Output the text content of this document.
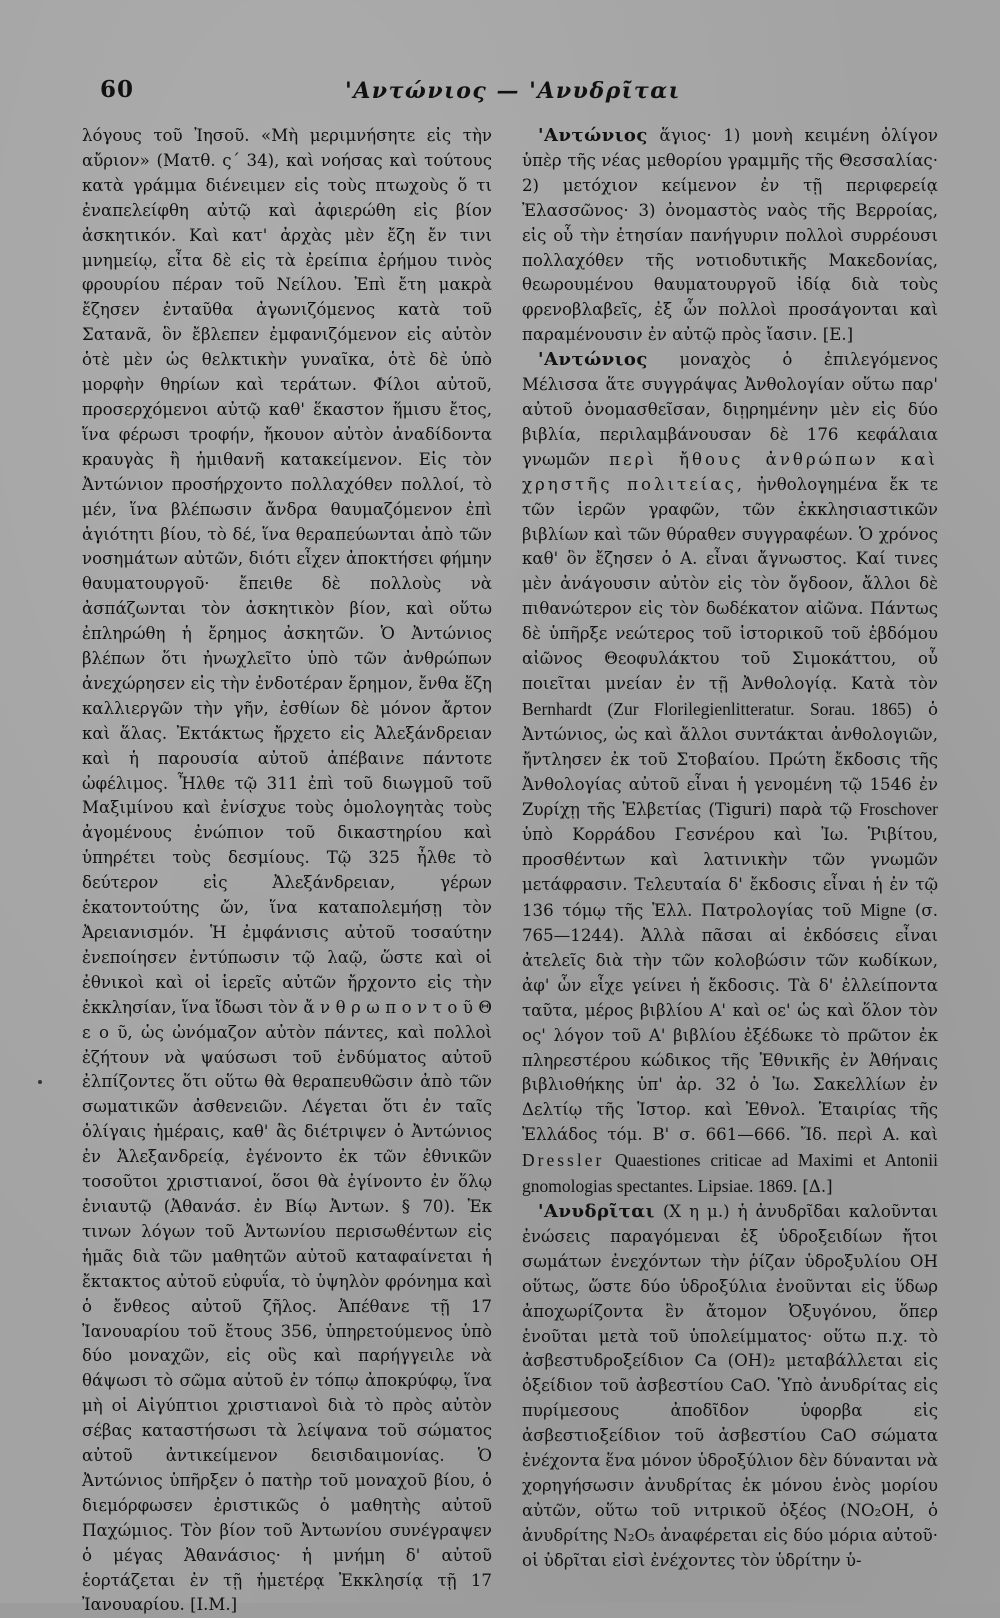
60	'Αντώνιος — 'Ανυδρῖται

λόγους τοῦ Ἰησοῦ. «Μὴ μεριμνήσητε εἰς τὴν αὔριον» (Ματθ. ς΄ 34), καὶ νοήσας καὶ τούτους κατὰ γράμμα διένειμεν εἰς τοὺς πτωχοὺς ὅ τι ἐναπελείφθη αὐτῷ καὶ ἀφιερώθη εἰς βίον ἀσκητικόν. Καὶ κατ' ἀρχὰς μὲν ἔζη ἔν τινι μνημείῳ, εἶτα δὲ εἰς τὰ ἐρείπια ἐρήμου τινὸς φρουρίου πέραν τοῦ Νείλου. Ἐπὶ ἔτη μακρὰ ἔζησεν ἐνταῦθα ἀγωνιζόμενος κατὰ τοῦ Σατανᾶ, ὃν ἔβλεπεν ἐμφανιζόμενον εἰς αὐτὸν ὁτὲ μὲν ὡς θελκτικὴν γυναῖκα, ὁτὲ δὲ ὑπὸ μορφὴν θηρίων καὶ τεράτων. Φίλοι αὐτοῦ, προσερχόμενοι αὐτῷ καθ' ἕκαστον ἥμισυ ἔτος, ἵνα φέρωσι τροφήν, ἤκουον αὐτὸν ἀναδίδοντα κραυγὰς ἢ ἡμιθανῆ κατακείμενον. Εἰς τὸν Ἀντώνιον προσήρχοντο πολλαχόθεν πολλοί, τὸ μέν, ἵνα βλέπωσιν ἄνδρα θαυμαζόμενον ἐπὶ ἁγιότητι βίου, τὸ δέ, ἵνα θεραπεύωνται ἀπὸ τῶν νοσημάτων αὐτῶν, διότι εἶχεν ἀποκτήσει φήμην θαυματουργοῦ· ἔπειθε δὲ πολλοὺς νὰ ἀσπάζωνται τὸν ἀσκητικὸν βίον, καὶ οὕτω ἐπληρώθη ἡ ἔρημος ἀσκητῶν. Ὁ Ἀντώνιος βλέπων ὅτι ἠνωχλεῖτο ὑπὸ τῶν ἀνθρώπων ἀνεχώρησεν εἰς τὴν ἐνδοτέραν ἔρημον, ἔνθα ἔζη καλλιεργῶν τὴν γῆν, ἐσθίων δὲ μόνον ἄρτον καὶ ἅλας. Ἐκτάκτως ἤρχετο εἰς Ἀλεξάνδρειαν καὶ ἡ παρουσία αὐτοῦ ἀπέβαινε πάντοτε ὠφέλιμος. Ἦλθε τῷ 311 ἐπὶ τοῦ διωγμοῦ τοῦ Μαξιμίνου καὶ ἐνίσχυε τοὺς ὁμολογητὰς τοὺς ἀγομένους ἐνώπιον τοῦ δικαστηρίου καὶ ὑπηρέτει τοὺς δεσμίους. Τῷ 325 ἦλθε τὸ δεύτερον εἰς Ἀλεξάνδρειαν, γέρων ἑκατοντούτης ὤν, ἵνα καταπολεμήσῃ τὸν Ἀρειανισμόν. Ἡ ἐμφάνισις αὐτοῦ τοσαύτην ἐνεποίησεν ἐντύπωσιν τῷ λαῷ, ὥστε καὶ οἱ ἐθνικοὶ καὶ οἱ ἱερεῖς αὐτῶν ἤρχοντο εἰς τὴν ἐκκλησίαν, ἵνα ἴδωσι τὸν ἄ ν θ ρ ω π ο ν τ ο ῦ Θ ε ο ῦ, ὡς ὠνόμαζον αὐτὸν πάντες, καὶ πολλοὶ ἐζήτουν νὰ ψαύσωσι τοῦ ἐνδύματος αὐτοῦ ἐλπίζοντες ὅτι οὕτω θὰ θεραπευθῶσιν ἀπὸ τῶν σωματικῶν ἀσθενειῶν. Λέγεται ὅτι ἐν ταῖς ὀλίγαις ἡμέραις, καθ' ἃς διέτριψεν ὁ Ἀντώνιος ἐν Ἀλεξανδρείᾳ, ἐγένοντο ἐκ τῶν ἐθνικῶν τοσοῦτοι χριστιανοί, ὅσοι θὰ ἐγίνοντο ἐν ὅλῳ ἐνιαυτῷ (Ἀθανάσ. ἐν Βίῳ Ἀντων. § 70). Ἐκ τινων λόγων τοῦ Ἀντωνίου περισωθέντων εἰς ἡμᾶς διὰ τῶν μαθητῶν αὐτοῦ καταφαίνεται ἡ ἔκτακτος αὐτοῦ εὐφυΐα, τὸ ὑψηλὸν φρόνημα καὶ ὁ ἔνθεος αὐτοῦ ζῆλος. Ἀπέθανε τῇ 17 Ἰανουαρίου τοῦ ἔτους 356, ὑπηρετούμενος ὑπὸ δύο μοναχῶν, εἰς οὓς καὶ παρήγγειλε νὰ θάψωσι τὸ σῶμα αὐτοῦ ἐν τόπῳ ἀποκρύφῳ, ἵνα μὴ οἱ Αἰγύπτιοι χριστιανοὶ διὰ τὸ πρὸς αὐτὸν σέβας καταστήσωσι τὰ λείψανα τοῦ σώματος αὐτοῦ ἀντικείμενον δεισιδαιμονίας. Ὁ Ἀντώνιος ὑπῆρξεν ὁ πατὴρ τοῦ μοναχοῦ βίου, ὁ διεμόρφωσεν ἐριστικῶς ὁ μαθητὴς αὐτοῦ Παχώμιος. Τὸν βίον τοῦ Ἀντωνίου συνέγραψεν ὁ μέγας Ἀθανάσιος· ἡ μνήμη δ' αὐτοῦ ἑορτάζεται ἐν τῇ ἡμετέρᾳ Ἐκκλησίᾳ τῇ 17 Ἰανουαρίου. [Ι.Μ.]

'Αντώνιος ἅγιος· 1) μονὴ κειμένη ὀλίγον ὑπὲρ τῆς νέας μεθορίου γραμμῆς τῆς Θεσσαλίας· 2) μετόχιον κείμενον ἐν τῇ περιφερείᾳ Ἐλασσῶνος· 3) ὀνομαστὸς ναὸς τῆς Βερροίας, εἰς οὗ τὴν ἐτησίαν πανήγυριν πολλοὶ συρρέουσι πολλαχόθεν τῆς νοτιοδυτικῆς Μακεδονίας, θεωρουμένου θαυματουργοῦ ἰδίᾳ διὰ τοὺς φρενοβλαβεῖς, ἐξ ὧν πολλοὶ προσάγονται καὶ παραμένουσιν ἐν αὐτῷ πρὸς ἴασιν. [Ε.]

'Αντώνιος μοναχὸς ὁ ἐπιλεγόμενος Μέλισσα ἅτε συγγράψας Ἀνθολογίαν οὕτω παρ' αὐτοῦ ὀνομασθεῖσαν, διῃρημένην μὲν εἰς δύο βιβλία, περιλαμβάνουσαν δὲ 176 κεφάλαια γνωμῶν περὶ ἤθους ἀνθρώπων καὶ χρηστῆς πολιτείας, ἠνθολογημένα ἔκ τε τῶν ἱερῶν γραφῶν, τῶν ἐκκλησιαστικῶν βιβλίων καὶ τῶν θύραθεν συγγραφέων. Ὁ χρόνος καθ' ὃν ἔζησεν ὁ Α. εἶναι ἄγνωστος. Καί τινες μὲν ἀνάγουσιν αὐτὸν εἰς τὸν ὄγδοον, ἄλλοι δὲ πιθανώτερον εἰς τὸν δωδέκατον αἰῶνα. Πάντως δὲ ὑπῆρξε νεώτερος τοῦ ἱστορικοῦ τοῦ ἑβδόμου αἰῶνος Θεοφυλάκτου τοῦ Σιμοκάττου, οὗ ποιεῖται μνείαν ἐν τῇ Ἀνθολογίᾳ. Κατὰ τὸν Bernhardt (Zur Florilegienlitteratur. Sorau. 1865) ὁ Ἀντώνιος, ὡς καὶ ἄλλοι συντάκται ἀνθολογιῶν, ἤντλησεν ἐκ τοῦ Στοβαίου. Πρώτη ἔκδοσις τῆς Ἀνθολογίας αὐτοῦ εἶναι ἡ γενομένη τῷ 1546 ἐν Ζυρίχῃ τῆς Ἑλβετίας (Tiguri) παρὰ τῷ Froschover ὑπὸ Κορράδου Γεσνέρου καὶ Ἰω. Ῥιβίτου, προσθέντων καὶ λατινικὴν τῶν γνωμῶν μετάφρασιν. Τελευταία δ' ἔκδοσις εἶναι ἡ ἐν τῷ 136 τόμῳ τῆς Ἑλλ. Πατρολογίας τοῦ Migne (σ. 765—1244). Ἀλλὰ πᾶσαι αἱ ἐκδόσεις εἶναι ἀτελεῖς διὰ τὴν τῶν κολοβώσιν τῶν κωδίκων, ἀφ' ὧν εἶχε γείνει ἡ ἔκδοσις. Τὰ δ' ἐλλείποντα ταῦτα, μέρος βιβλίου Α' καὶ οε' ὡς καὶ ὅλον τὸν ος' λόγον τοῦ Α' βιβλίου ἐξέδωκε τὸ πρῶτον ἐκ πληρεστέρου κώδικος τῆς Ἐθνικῆς ἐν Ἀθήναις βιβλιοθήκης ὑπ' ἀρ. 32 ὁ Ἰω. Σακελλίων ἐν Δελτίῳ τῆς Ἱστορ. καὶ Ἐθνολ. Ἑταιρίας τῆς Ἑλλάδος τόμ. Β' σ. 661—666. Ἴδ. περὶ Α. καὶ Dressler Quaestiones criticae ad Maximi et Antonii gnomologias spectantes. Lipsiae. 1869. [Δ.]

'Ανυδρῖται (Χ η μ.) ἡ ἀνυδρῖδαι καλοῦνται ἐνώσεις παραγόμεναι ἐξ ὑδροξειδίων ἤτοι σωμάτων ἐνεχόντων τὴν ῥίζαν ὑδροξυλίου ΟΗ οὕτως, ὥστε δύο ὑδροξύλια ἐνοῦνται εἰς ὕδωρ ἀποχωρίζοντα ἓν ἄτομον Ὀξυγόνου, ὅπερ ἑνοῦται μετὰ τοῦ ὑπολείμματος· οὕτω π.χ. τὸ ἀσβεστυδροξείδιον Ca (OH)₂ μεταβάλλεται εἰς ὀξείδιον τοῦ ἀσβεστίου CaO. Ὑπὸ ἀνυδρίτας εἰς πυρίμεσους ἀποδῖδον ὑφορβα εἰς ἀσβεστιοξείδιον τοῦ ἀσβεστίου CaO σώματα ἐνέχοντα ἕνα μόνον ὑδροξύλιον δὲν δύνανται νὰ χορηγήσωσιν ἀνυδρίτας ἐκ μόνου ἑνὸς μορίου αὐτῶν, οὕτω τοῦ νιτρικοῦ ὀξέος (NO₂OH, ὁ ἀνυδρίτης N₂O₅ ἀναφέρεται εἰς δύο μόρια αὐτοῦ· οἱ ὑδρῖται εἰσὶ ἐνέχοντες τὸν ὑδρίτην ὑ-
